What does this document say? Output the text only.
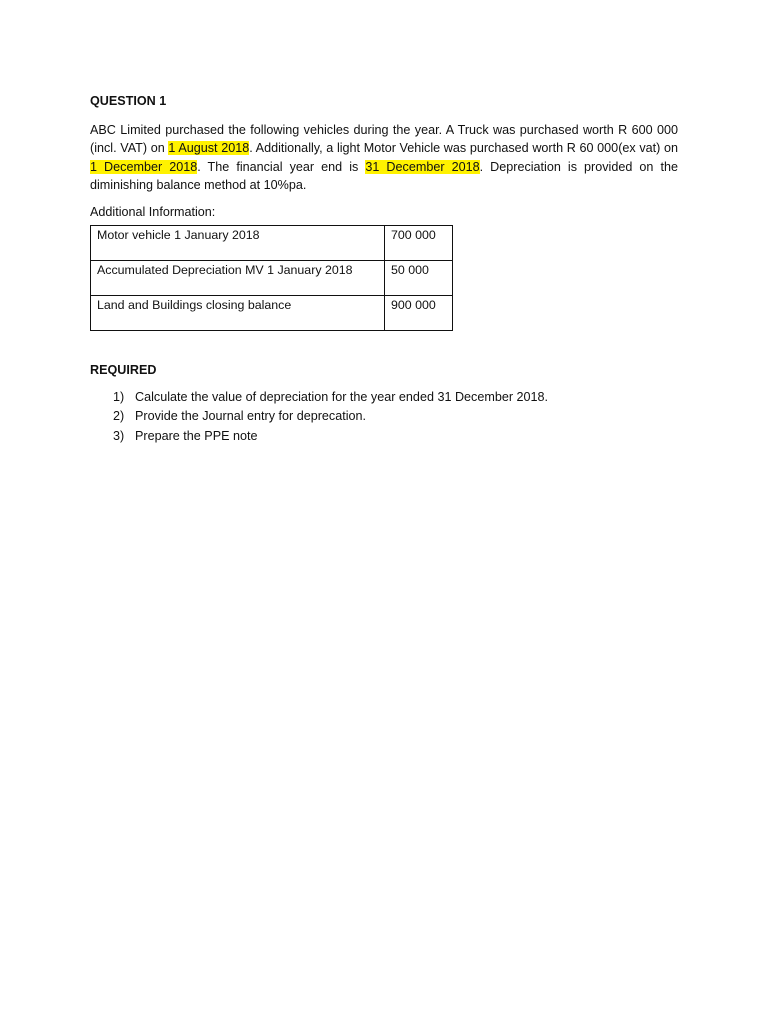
QUESTION 1

ABC Limited purchased the following vehicles during the year. A Truck was purchased worth R 600 000 (incl. VAT) on 1 August 2018. Additionally, a light Motor Vehicle was purchased worth R 60 000(ex vat) on 1 December 2018. The financial year end is 31 December 2018. Depreciation is provided on the diminishing balance method at 10%pa.

Additional Information:
Motor vehicle 1 January 2018	700 000
Accumulated Depreciation MV 1 January 2018	50 000
Land and Buildings closing balance	900 000
REQUIRED
1) Calculate the value of depreciation for the year ended 31 December 2018.
2) Provide the Journal entry for deprecation.
3) Prepare the PPE note
